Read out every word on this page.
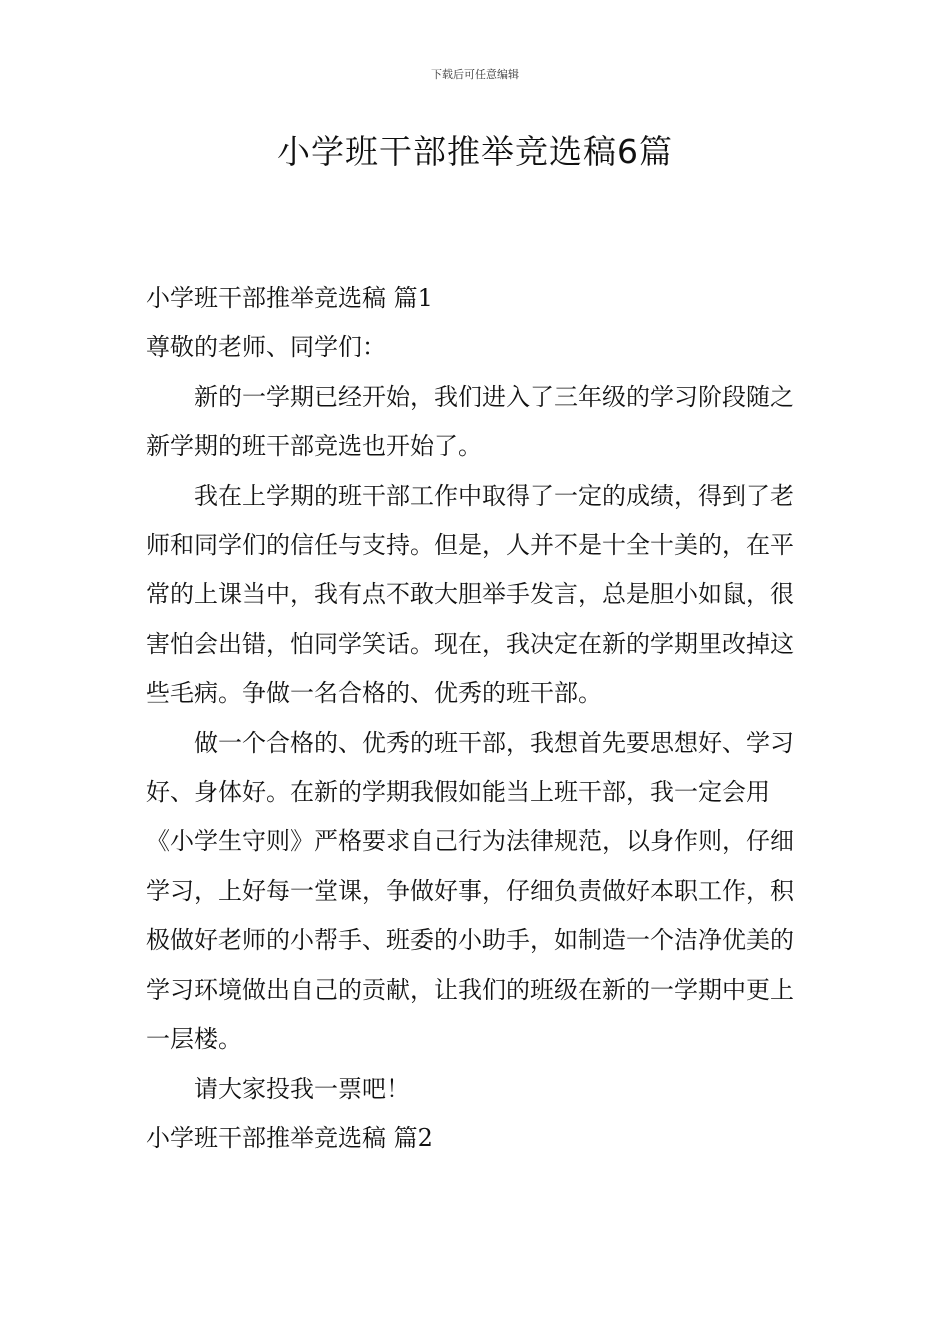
下载后可任意编辑
小学班干部推举竞选稿6篇

小学班干部推举竞选稿 篇1

尊敬的老师、同学们：

新的一学期已经开始，我们进入了三年级的学习阶段随之新学期的班干部竞选也开始了。

我在上学期的班干部工作中取得了一定的成绩，得到了老师和同学们的信任与支持。但是，人并不是十全十美的，在平常的上课当中，我有点不敢大胆举手发言，总是胆小如鼠，很害怕会出错，怕同学笑话。现在，我决定在新的学期里改掉这些毛病。争做一名合格的、优秀的班干部。

做一个合格的、优秀的班干部，我想首先要思想好、学习好、身体好。在新的学期我假如能当上班干部，我一定会用《小学生守则》严格要求自己行为法律规范，以身作则，仔细学习，上好每一堂课，争做好事，仔细负责做好本职工作，积极做好老师的小帮手、班委的小助手，如制造一个洁净优美的学习环境做出自己的贡献，让我们的班级在新的一学期中更上一层楼。

请大家投我一票吧！

小学班干部推举竞选稿 篇2
